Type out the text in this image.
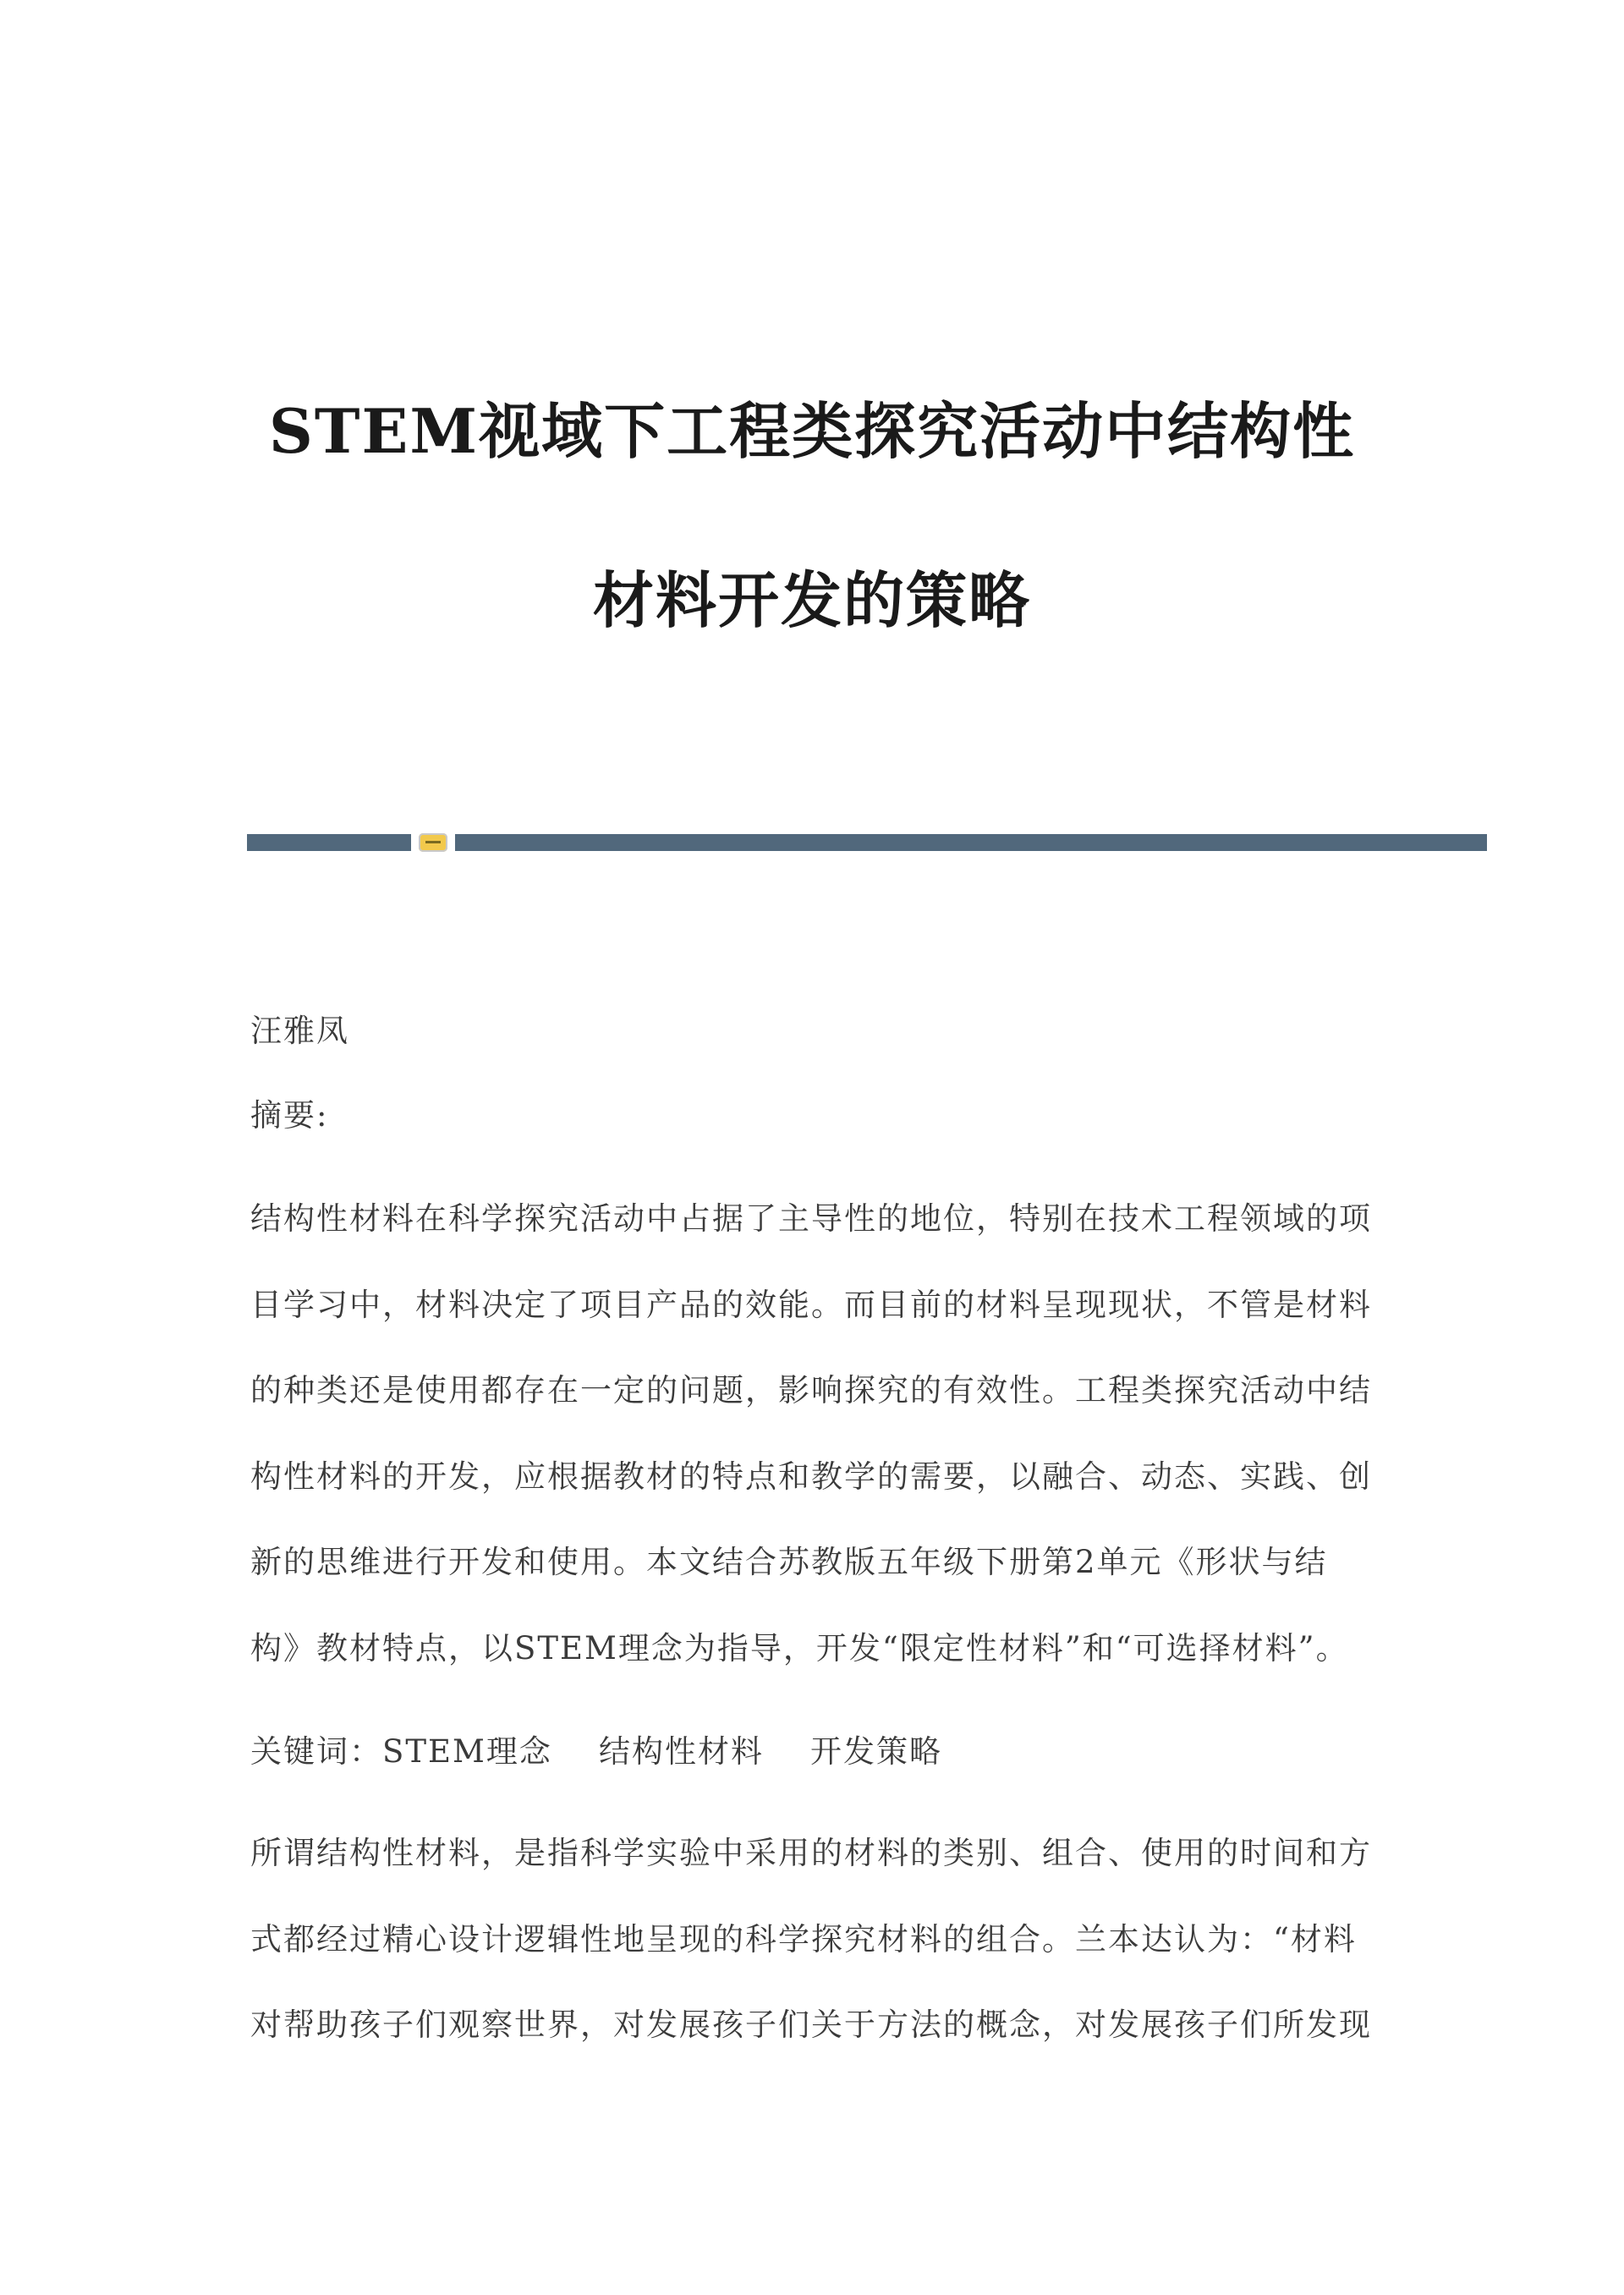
STEM视域下工程类探究活动中结构性
材料开发的策略
汪雅凤
摘要:
结构性材料在科学探究活动中占据了主导性的地位，特别在技术工程领域的项
目学习中，材料决定了项目产品的效能。而目前的材料呈现现状，不管是材料
的种类还是使用都存在一定的问题，影响探究的有效性。工程类探究活动中结
构性材料的开发，应根据教材的特点和教学的需要，以融合、动态、实践、创
新的思维进行开发和使用。本文结合苏教版五年级下册第2单元《形状与结
构》教材特点，以STEM理念为指导，开发“限定性材料”和“可选择材料”。
关键词：STEM理念    结构性材料    开发策略
所谓结构性材料，是指科学实验中采用的材料的类别、组合、使用的时间和方
式都经过精心设计逻辑性地呈现的科学探究材料的组合。兰本达认为：“材料
对帮助孩子们观察世界，对发展孩子们关于方法的概念，对发展孩子们所发现
